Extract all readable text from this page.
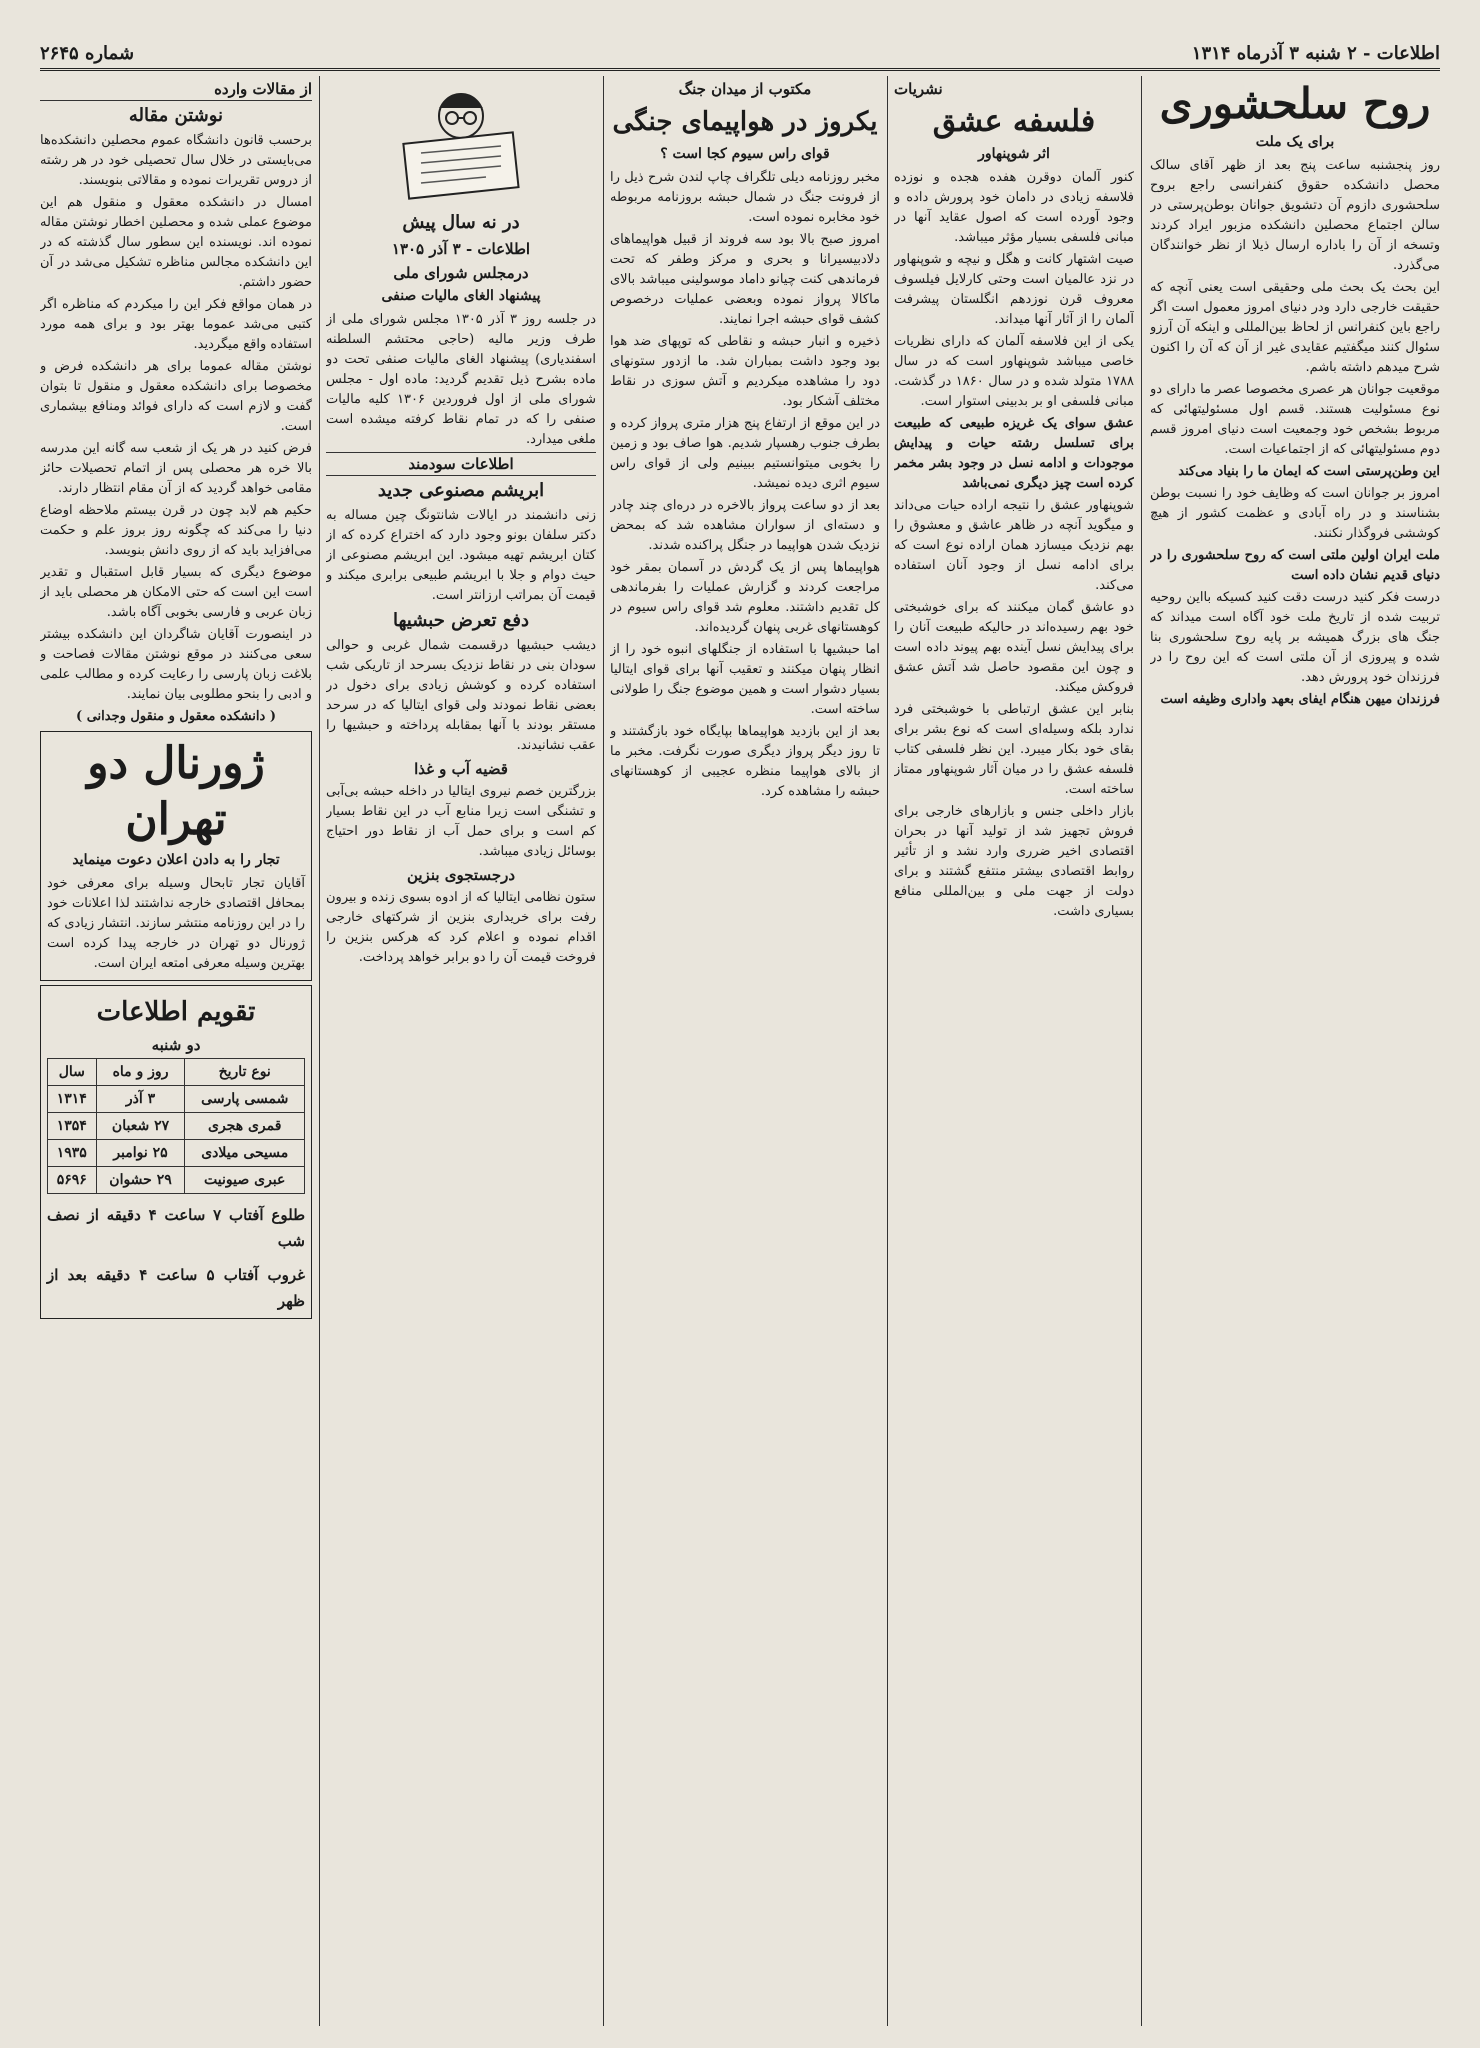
اطلاعات - ۲ شنبه ۳ آذرماه ۱۳۱۴
شماره ۲۶۴۵
روح سلحشوری
برای یک ملت

روز پنجشنبه ساعت پنج بعد از ظهر آقای سالک محصل دانشکده حقوق کنفرانسی راجع بروح سلحشوری دازوم آن دتشویق جوانان بوطن‌پرستی در سالن اجتماع محصلین دانشکده مزبور ایراد کردند وتسخه از آن را باداره ارسال ذیلا از نظر خوانندگان می‌گذرد.

این بحث یک بحث ملی وحقیقی است یعنی آنچه که حقیقت خارجی دارد ودر دنیای امروز معمول است اگر راجع باین کنفرانس از لحاظ بین‌المللی و اینکه آن آرزو سئوال کنند میگفتیم عقایدی غیر از آن که آن را اکنون شرح میدهم داشته باشم.

موقعیت جوانان هر عصری مخصوصا عصر ما دارای دو نوع مسئولیت هستند. قسم اول مسئولیتهائی که مربوط بشخص خود وجمعیت است دنیای امروز قسم دوم مسئولیتهائی که از اجتماعیات است.

این وطن‌پرستی است که ایمان ما را بنیاد می‌کند

امروز بر جوانان است که وظایف خود را نسبت بوطن بشناسند و در راه آبادی و عظمت کشور از هیچ کوششی فروگذار نکنند.

ملت ایران اولین ملتی است که روح سلحشوری را در دنیای قدیم نشان داده است

درست فکر کنید درست دقت کنید کسیکه بااین روحیه تربیت شده از تاریخ ملت خود آگاه است میداند که جنگ های بزرگ همیشه بر پایه روح سلحشوری بنا شده و پیروزی از آن ملتی است که این روح را در فرزندان خود پرورش دهد.

فرزندان میهن هنگام ایفای بعهد واداری وظیفه است

نشریات
فلسفه عشق
اثر شوپنهاور

کنور آلمان دوقرن هفده هجده و نوزده فلاسفه زیادی در دامان خود پرورش داده و وجود آورده است که اصول عقاید آنها در مبانی فلسفی بسیار مؤثر میباشد.

صیت اشتهار کانت و هگل و نیچه و شوپنهاور در نزد عالمیان است وحتی کارلایل فیلسوف معروف قرن نوزدهم انگلستان پیشرفت آلمان را از آثار آنها میداند.

یکی از این فلاسفه آلمان که دارای نظریات خاصی میباشد شوپنهاور است که در سال ۱۷۸۸ متولد شده و در سال ۱۸۶۰ در گذشت. مبانی فلسفی او بر بدبینی استوار است.

عشق سوای یک غریزه طبیعی که طبیعت برای تسلسل رشته حیات و پیدایش موجودات و ادامه نسل در وجود بشر مخمر کرده است چیز دیگری نمی‌باشد

شوپنهاور عشق را نتیجه اراده حیات می‌داند و میگوید آنچه در ظاهر عاشق و معشوق را بهم نزدیک میسازد همان اراده نوع است که برای ادامه نسل از وجود آنان استفاده می‌کند.

دو عاشق گمان میکنند که برای خوشبختی خود بهم رسیده‌اند در حالیکه طبیعت آنان را برای پیدایش نسل آینده بهم پیوند داده است و چون این مقصود حاصل شد آتش عشق فروکش میکند.

بنابر این عشق ارتباطی با خوشبختی فرد ندارد بلکه وسیله‌ای است که نوع بشر برای بقای خود بکار میبرد. این نظر فلسفی کتاب فلسفه عشق را در میان آثار شوپنهاور ممتاز ساخته است.

بازار داخلی جنس و بازارهای خارجی برای فروش تجهیز شد از تولید آنها در بحران اقتصادی اخیر ضرری وارد نشد و از تأثیر روابط اقتصادی بیشتر منتفع گشتند و برای دولت از جهت ملی و بین‌المللی منافع بسیاری داشت.

مکتوب از میدان جنگ
یکروز در هواپیمای جنگی
قوای راس سیوم کجا است ؟

مخبر روزنامه دیلی تلگراف چاپ لندن شرح ذیل را از فرونت جنگ در شمال حبشه بروزنامه مربوطه خود مخابره نموده است.

امروز صبح بالا بود سه فروند از قبیل هواپیماهای دلادبیسیرانا و بحری و مرکز وطفر که تحت فرماندهی کنت چیانو داماد موسولینی میباشد بالای ماکالا پرواز نموده وبعضی عملیات درخصوص کشف قوای حبشه اجرا نمایند.

ذخیره و انبار حبشه و نقاطی که توپهای ضد هوا بود وجود داشت بمباران شد. ما ازدور ستونهای دود را مشاهده میکردیم و آتش سوزی در نقاط مختلف آشکار بود.

در این موقع از ارتفاع پنج هزار متری پرواز کرده و بطرف جنوب رهسپار شدیم. هوا صاف بود و زمین را بخوبی میتوانستیم ببینیم ولی از قوای راس سیوم اثری دیده نمیشد.

بعد از دو ساعت پرواز بالاخره در دره‌ای چند چادر و دسته‌ای از سواران مشاهده شد که بمحض نزدیک شدن هواپیما در جنگل پراکنده شدند.

هواپیماها پس از یک گردش در آسمان بمقر خود مراجعت کردند و گزارش عملیات را بفرماندهی کل تقدیم داشتند. معلوم شد قوای راس سیوم در کوهستانهای غربی پنهان گردیده‌اند.

اما حبشیها با استفاده از جنگلهای انبوه خود را از انظار پنهان میکنند و تعقیب آنها برای قوای ایتالیا بسیار دشوار است و همین موضوع جنگ را طولانی ساخته است.

بعد از این بازدید هواپیماها بپایگاه خود بازگشتند و تا روز دیگر پرواز دیگری صورت نگرفت. مخبر ما از بالای هواپیما منظره عجیبی از کوهستانهای حبشه را مشاهده کرد.

در نه سال پیش
اطلاعات - ۳ آذر ۱۳۰۵
درمجلس شورای ملی
پیشنهاد الغای مالیات صنفی

در جلسه روز ۳ آذر ۱۳۰۵ مجلس شورای ملی از طرف وزیر مالیه (حاجی محتشم السلطنه اسفندیاری) پیشنهاد الغای مالیات صنفی تحت دو ماده بشرح ذیل تقدیم گردید: ماده اول - مجلس شورای ملی از اول فروردین ۱۳۰۶ کلیه مالیات صنفی را که در تمام نقاط کرفته میشده است ملغی میدارد.

اطلاعات سودمند
ابریشم مصنوعی جدید

زنی دانشمند در ایالات شانتونگ چین مساله به دکتر سلفان بونو وجود دارد که اختراع کرده که از کتان ابریشم تهیه میشود. این ابریشم مصنوعی از حیث دوام و جلا با ابریشم طبیعی برابری میکند و قیمت آن بمراتب ارزانتر است.

دفع تعرض حبشیها

دیشب حبشیها درقسمت شمال غربی و حوالی سودان بنی در نقاط نزدیک بسرحد از تاریکی شب استفاده کرده و کوشش زیادی برای دخول در بعضی نقاط نمودند ولی قوای ایتالیا که در سرحد مستقر بودند با آنها بمقابله پرداخته و حبشیها را عقب نشانیدند.

قضیه آب و غذا

بزرگترین خصم نیروی ایتالیا در داخله حبشه بی‌آبی و تشنگی است زیرا منابع آب در این نقاط بسیار کم است و برای حمل آب از نقاط دور احتیاج بوسائل زیادی میباشد.

درجستجوی بنزین

ستون نظامی ایتالیا که از ادوه بسوی زنده و بیرون رفت برای خریداری بنزین از شرکتهای خارجی اقدام نموده و اعلام کرد که هرکس بنزین را فروخت قیمت آن را دو برابر خواهد پرداخت.

از مقالات وارده
نوشتن مقاله

برحسب قانون دانشگاه عموم محصلین دانشکده‌ها می‌بایستی در خلال سال تحصیلی خود در هر رشته از دروس تقریرات نموده و مقالاتی بنویسند.

امسال در دانشکده معقول و منقول هم این موضوع عملی شده و محصلین اخطار نوشتن مقاله نموده اند. نویسنده این سطور سال گذشته که در این دانشکده مجالس مناظره تشکیل می‌شد در آن حضور داشتم.

در همان مواقع فکر این را میکردم که مناظره اگر کتبی می‌شد عموما بهتر بود و برای همه مورد استفاده واقع میگردید.

نوشتن مقاله عموما برای هر دانشکده فرض و مخصوصا برای دانشکده معقول و منقول تا بتوان گفت و لازم است که دارای فوائد ومنافع بیشماری است.

فرض کنید در هر یک از شعب سه گانه این مدرسه بالا خره هر محصلی پس از اتمام تحصیلات حائز مقامی خواهد گردید که از آن مقام انتظار دارند.

حکیم هم لابد چون در قرن بیستم ملاحظه اوضاع دنیا را می‌کند که چگونه روز بروز علم و حکمت می‌افزاید باید که از روی دانش بنویسد.

موضوع دیگری که بسیار قابل استقبال و تقدیر است این است که حتی الامکان هر محصلی باید از زبان عربی و فارسی بخوبی آگاه باشد.

در اینصورت آقایان شاگردان این دانشکده بیشتر سعی می‌کنند در موقع نوشتن مقالات فصاحت و بلاغت زبان پارسی را رعایت کرده و مطالب علمی و ادبی را بنحو مطلوبی بیان نمایند.

( دانشکده معقول و منقول وجدانی )

ژورنال دو تهران
تجار را به دادن اعلان دعوت مینماید

آقایان تجار تابحال وسیله برای معرفی خود بمحافل اقتصادی خارجه نداشتند لذا اعلانات خود را در این روزنامه منتشر سازند. انتشار زیادی که ژورنال دو تهران در خارجه پیدا کرده است بهترین وسیله معرفی امتعه ایران است.

تقویم اطلاعات
دو شنبه
نوع تاریخ	روز و ماه	سال
شمسی پارسی	۳ آذر	۱۳۱۴
قمری هجری	۲۷ شعبان	۱۳۵۴
مسیحی میلادی	۲۵ نوامبر	۱۹۳۵
عبری صیونیت	۲۹ حشوان	۵۶۹۶
طلوع آفتاب ۷ ساعت ۴ دقیقه از نصف شب
غروب آفتاب ۵ ساعت ۴ دقیقه بعد از ظهر
